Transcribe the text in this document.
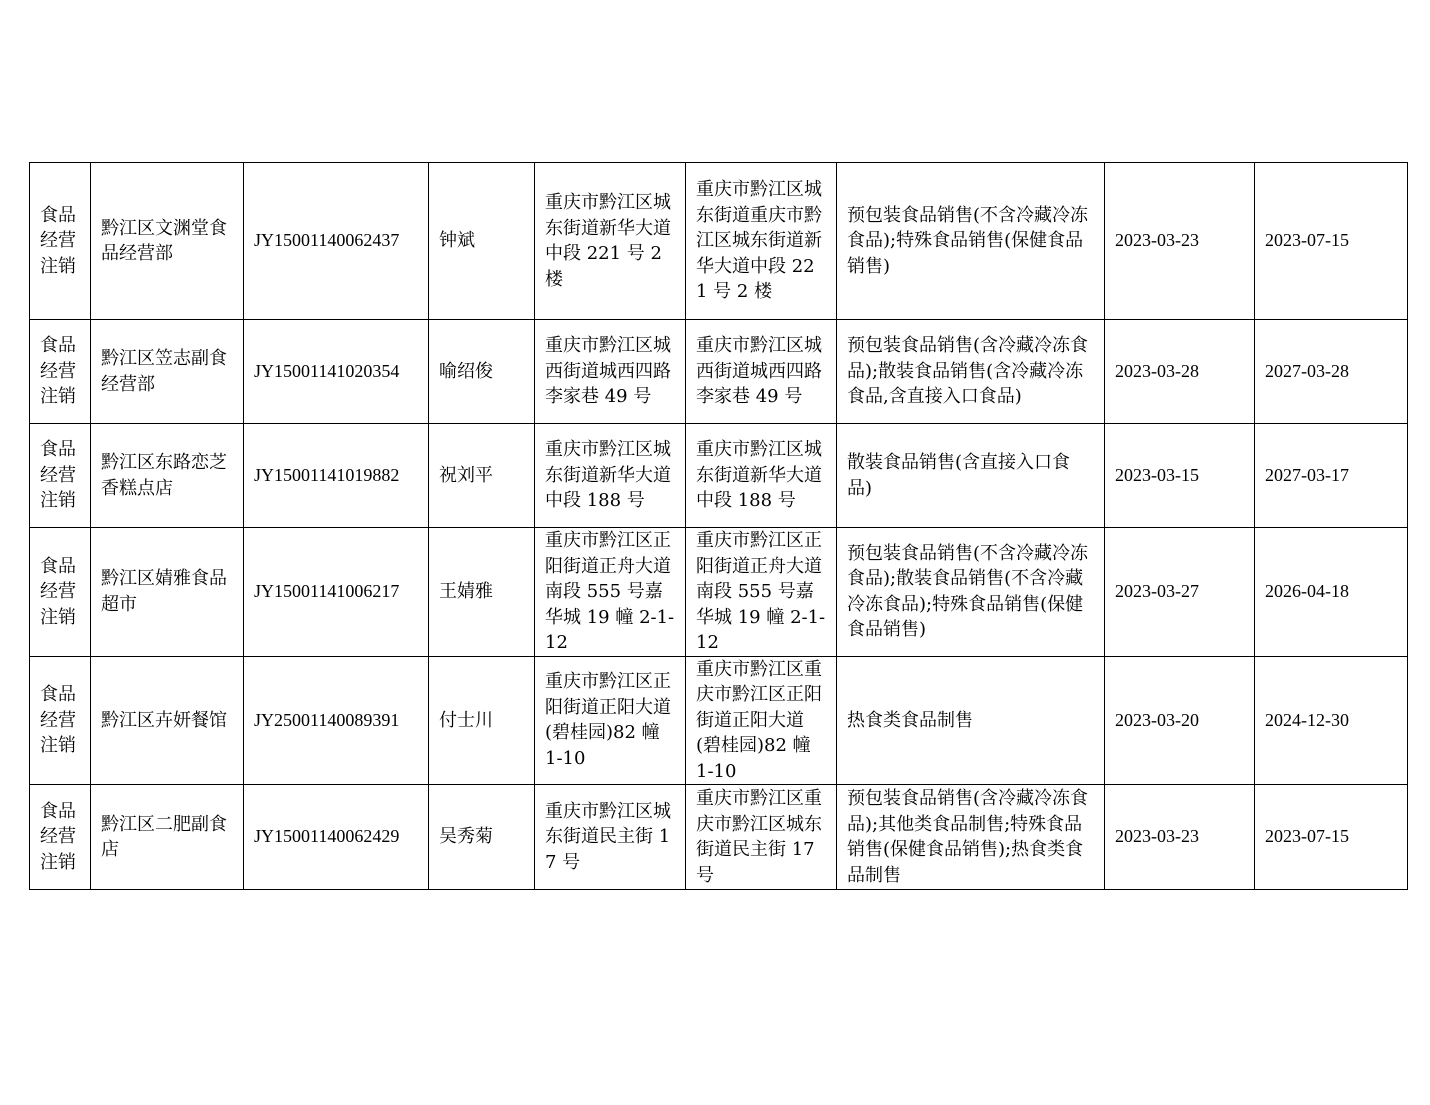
食品经营注销	黔江区文渊堂食品经营部	JY15001140062437	钟斌	重庆市黔江区城东街道新华大道中段 221 号 2 楼	重庆市黔江区城东街道重庆市黔江区城东街道新华大道中段 221 号 2 楼	预包装食品销售(不含冷藏冷冻食品);特殊食品销售(保健食品销售)	2023-03-23	2023-07-15
食品经营注销	黔江区笠志副食经营部	JY15001141020354	喻绍俊	重庆市黔江区城西街道城西四路李家巷 49 号	重庆市黔江区城西街道城西四路李家巷 49 号	预包装食品销售(含冷藏冷冻食品);散装食品销售(含冷藏冷冻食品,含直接入口食品)	2023-03-28	2027-03-28
食品经营注销	黔江区东路恋芝香糕点店	JY15001141019882	祝刘平	重庆市黔江区城东街道新华大道中段 188 号	重庆市黔江区城东街道新华大道中段 188 号	散装食品销售(含直接入口食品)	2023-03-15	2027-03-17
食品经营注销	黔江区婧雅食品超市	JY15001141006217	王婧雅	重庆市黔江区正阳街道正舟大道南段 555 号嘉华城 19 幢 2-1-12	重庆市黔江区正阳街道正舟大道南段 555 号嘉华城 19 幢 2-1-12	预包装食品销售(不含冷藏冷冻食品);散装食品销售(不含冷藏冷冻食品);特殊食品销售(保健食品销售)	2023-03-27	2026-04-18
食品经营注销	黔江区卉妍餐馆	JY25001140089391	付士川	重庆市黔江区正阳街道正阳大道(碧桂园)82 幢 1-10	重庆市黔江区重庆市黔江区正阳街道正阳大道(碧桂园)82 幢 1-10	热食类食品制售	2023-03-20	2024-12-30
食品经营注销	黔江区二肥副食店	JY15001140062429	吴秀菊	重庆市黔江区城东街道民主街 17 号	重庆市黔江区重庆市黔江区城东街道民主街 17 号	预包装食品销售(含冷藏冷冻食品);其他类食品制售;特殊食品销售(保健食品销售);热食类食品制售	2023-03-23	2023-07-15
